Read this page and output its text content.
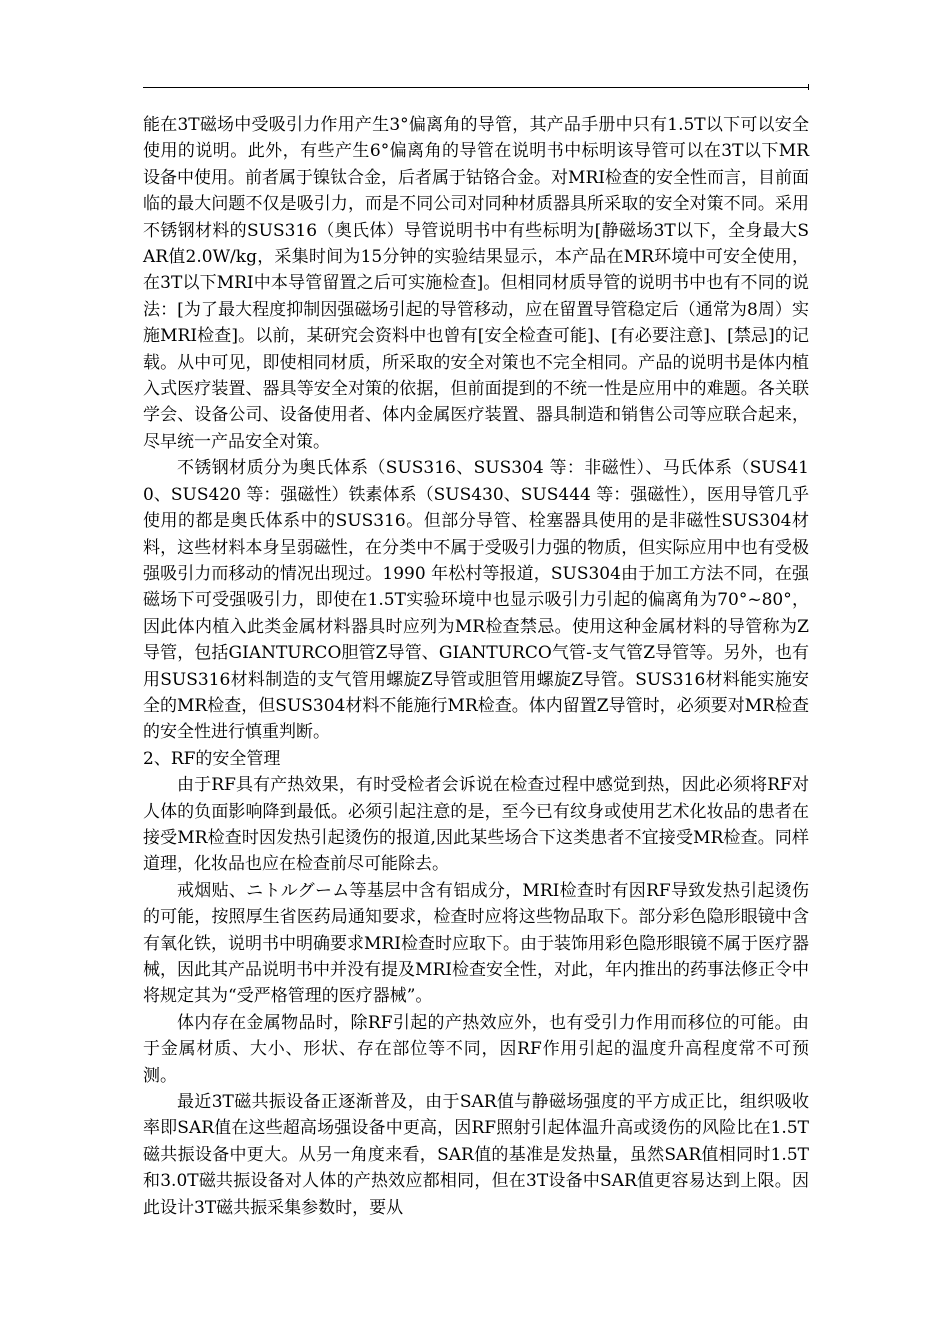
能在3T磁场中受吸引力作用产生3°偏离角的导管，其产品手册中只有1.5T以下可以安全使用的说明。此外，有些产生6°偏离角的导管在说明书中标明该导管可以在3T以下MR设备中使用。前者属于镍钛合金，后者属于钴铬合金。对MRI检查的安全性而言，目前面临的最大问题不仅是吸引力，而是不同公司对同种材质器具所采取的安全对策不同。采用不锈钢材料的SUS316（奥氏体）导管说明书中有些标明为[静磁场3T以下，全身最大SAR值2.0W/kg，采集时间为15分钟的实验结果显示，本产品在MR环境中可安全使用，在3T以下MRI中本导管留置之后可实施检查]。但相同材质导管的说明书中也有不同的说法：[为了最大程度抑制因强磁场引起的导管移动，应在留置导管稳定后（通常为8周）实施MRI检查]。以前，某研究会资料中也曾有[安全检查可能]、[有必要注意]、[禁忌]的记载。从中可见，即使相同材质，所采取的安全对策也不完全相同。产品的说明书是体内植入式医疗装置、器具等安全对策的依据，但前面提到的不统一性是应用中的难题。各关联学会、设备公司、设备使用者、体内金属医疗装置、器具制造和销售公司等应联合起来，尽早统一产品安全对策。

不锈钢材质分为奥氏体系（SUS316、SUS304 等：非磁性）、马氏体系（SUS410、SUS420 等：强磁性）铁素体系（SUS430、SUS444 等：强磁性），医用导管几乎使用的都是奥氏体系中的SUS316。但部分导管、栓塞器具使用的是非磁性SUS304材料，这些材料本身呈弱磁性，在分类中不属于受吸引力强的物质，但实际应用中也有受极强吸引力而移动的情况出现过。1990 年松村等报道，SUS304由于加工方法不同，在强磁场下可受强吸引力，即使在1.5T实验环境中也显示吸引力引起的偏离角为70°~80°，因此体内植入此类金属材料器具时应列为MR检查禁忌。使用这种金属材料的导管称为Z导管，包括GIANTURCO胆管Z导管、GIANTURCO气管-支气管Z导管等。另外，也有用SUS316材料制造的支气管用螺旋Z导管或胆管用螺旋Z导管。SUS316材料能实施安全的MR检查，但SUS304材料不能施行MR检查。体内留置Z导管时，必须要对MR检查的安全性进行慎重判断。

2、RF的安全管理

由于RF具有产热效果，有时受检者会诉说在检查过程中感觉到热，因此必须将RF对人体的负面影响降到最低。必须引起注意的是，至今已有纹身或使用艺术化妆品的患者在接受MR检查时因发热引起烫伤的报道,因此某些场合下这类患者不宜接受MR检查。同样道理，化妆品也应在检查前尽可能除去。

戒烟贴、ニトルグーム等基层中含有铝成分，MRI检查时有因RF导致发热引起烫伤的可能，按照厚生省医药局通知要求，检查时应将这些物品取下。部分彩色隐形眼镜中含有氧化铁，说明书中明确要求MRI检查时应取下。由于装饰用彩色隐形眼镜不属于医疗器械，因此其产品说明书中并没有提及MRI检查安全性，对此，年内推出的药事法修正令中将规定其为“受严格管理的医疗器械”。

体内存在金属物品时，除RF引起的产热效应外，也有受引力作用而移位的可能。由于金属材质、大小、形状、存在部位等不同，因RF作用引起的温度升高程度常不可预测。

最近3T磁共振设备正逐渐普及，由于SAR值与静磁场强度的平方成正比，组织吸收率即SAR值在这些超高场强设备中更高，因RF照射引起体温升高或烫伤的风险比在1.5T磁共振设备中更大。从另一角度来看，SAR值的基准是发热量，虽然SAR值相同时1.5T和3.0T磁共振设备对人体的产热效应都相同，但在3T设备中SAR值更容易达到上限。因此设计3T磁共振采集参数时，要从
